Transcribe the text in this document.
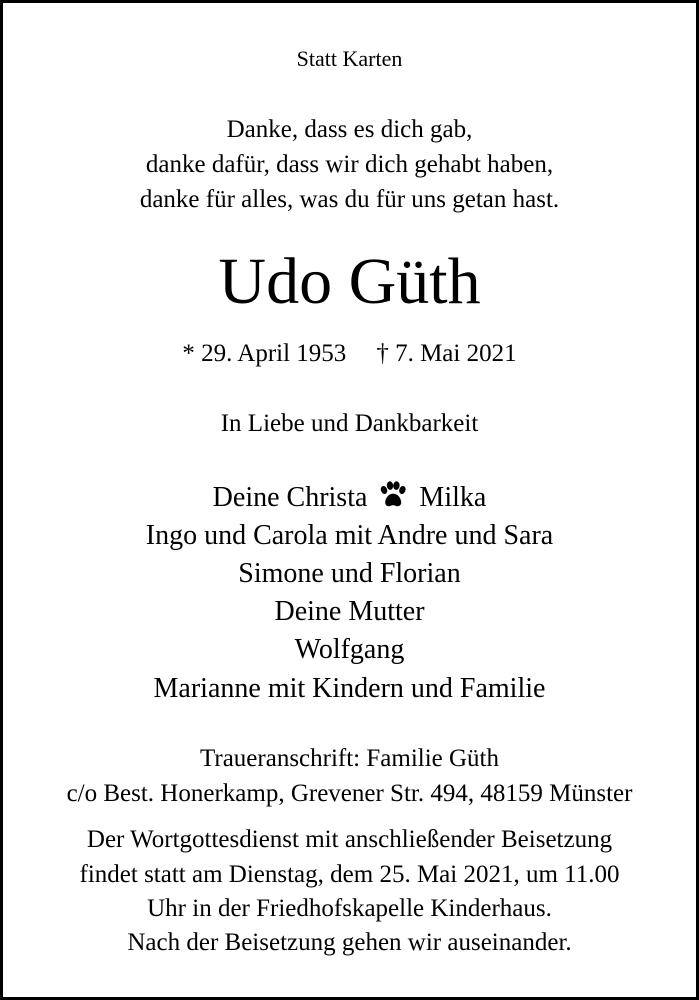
Statt Karten

Danke, dass es dich gab,

danke dafür, dass wir dich gehabt haben,

danke für alles, was du für uns getan hast.

Udo Güth

* 29. April 1953 † 7. Mai 2021

In Liebe und Dankbarkeit

Deine Christa Milka

Ingo und Carola mit Andre und Sara

Simone und Florian

Deine Mutter

Wolfgang

Marianne mit Kindern und Familie

Traueranschrift: Familie Güth

c/o Best. Honerkamp, Grevener Str. 494, 48159 Münster

Der Wortgottesdienst mit anschließender Beisetzung

findet statt am Dienstag, dem 25. Mai 2021, um 11.00

Uhr in der Friedhofskapelle Kinderhaus.

Nach der Beisetzung gehen wir auseinander.
